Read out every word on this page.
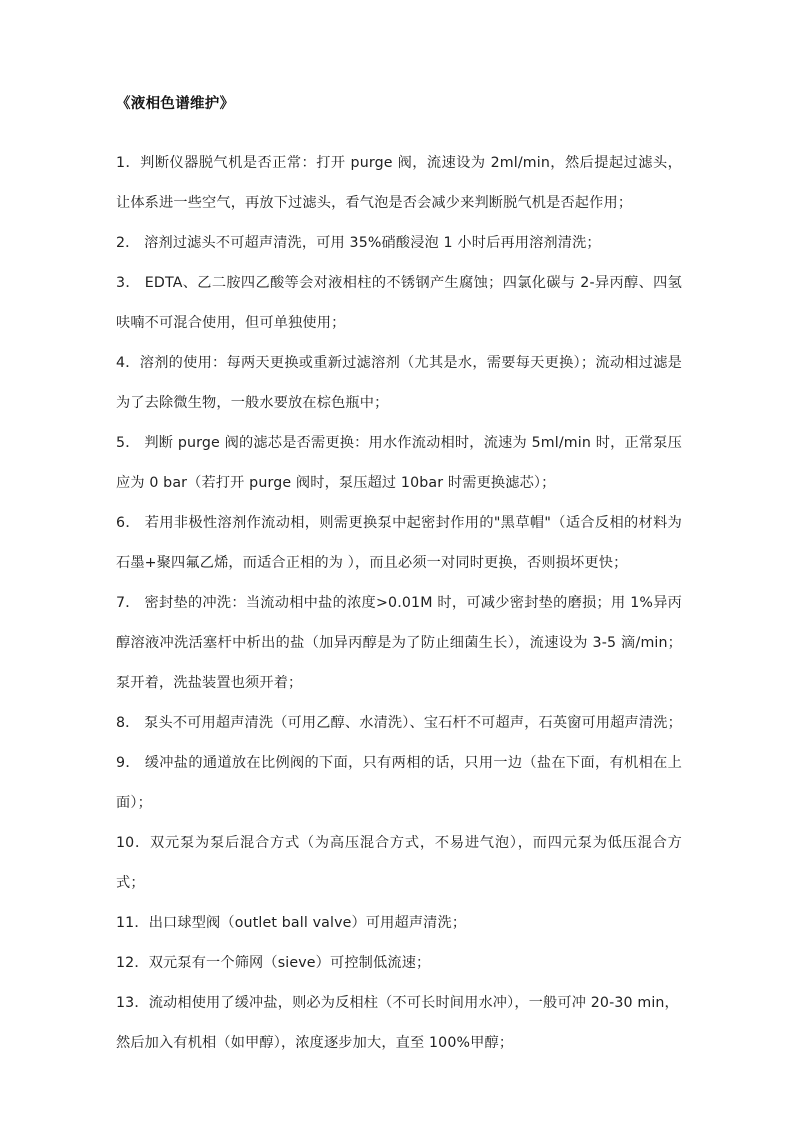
《液相色谱维护》

1．判断仪器脱气机是否正常：打开 purge 阀，流速设为 2ml/min，然后提起过滤头，让体系进一些空气，再放下过滤头，看气泡是否会减少来判断脱气机是否起作用；

2． 溶剂过滤头不可超声清洗，可用 35%硝酸浸泡 1 小时后再用溶剂清洗；

3． EDTA、乙二胺四乙酸等会对液相柱的不锈钢产生腐蚀；四氯化碳与 2-异丙醇、四氢呋喃不可混合使用，但可单独使用；

4．溶剂的使用：每两天更换或重新过滤溶剂（尤其是水，需要每天更换）；流动相过滤是为了去除微生物，一般水要放在棕色瓶中；

5． 判断 purge 阀的滤芯是否需更换：用水作流动相时，流速为 5ml/min 时，正常泵压应为 0 bar（若打开 purge 阀时，泵压超过 10bar 时需更换滤芯）；

6． 若用非极性溶剂作流动相，则需更换泵中起密封作用的"黑草帽"（适合反相的材料为石墨+聚四氟乙烯，而适合正相的为 ），而且必须一对同时更换，否则损坏更快；

7． 密封垫的冲洗：当流动相中盐的浓度>0.01M 时，可减少密封垫的磨损；用 1%异丙醇溶液冲洗活塞杆中析出的盐（加异丙醇是为了防止细菌生长），流速设为 3-5 滴/min；泵开着，洗盐装置也须开着；

8． 泵头不可用超声清洗（可用乙醇、水清洗）、宝石杆不可超声，石英窗可用超声清洗；

9． 缓冲盐的通道放在比例阀的下面，只有两相的话，只用一边（盐在下面，有机相在上面）；

10．双元泵为泵后混合方式（为高压混合方式，不易进气泡），而四元泵为低压混合方式；

11．出口球型阀（outlet ball valve）可用超声清洗；

12．双元泵有一个筛网（sieve）可控制低流速；

13．流动相使用了缓冲盐，则必为反相柱（不可长时间用水冲），一般可冲 20-30 min，然后加入有机相（如甲醇），浓度逐步加大，直至 100%甲醇；
